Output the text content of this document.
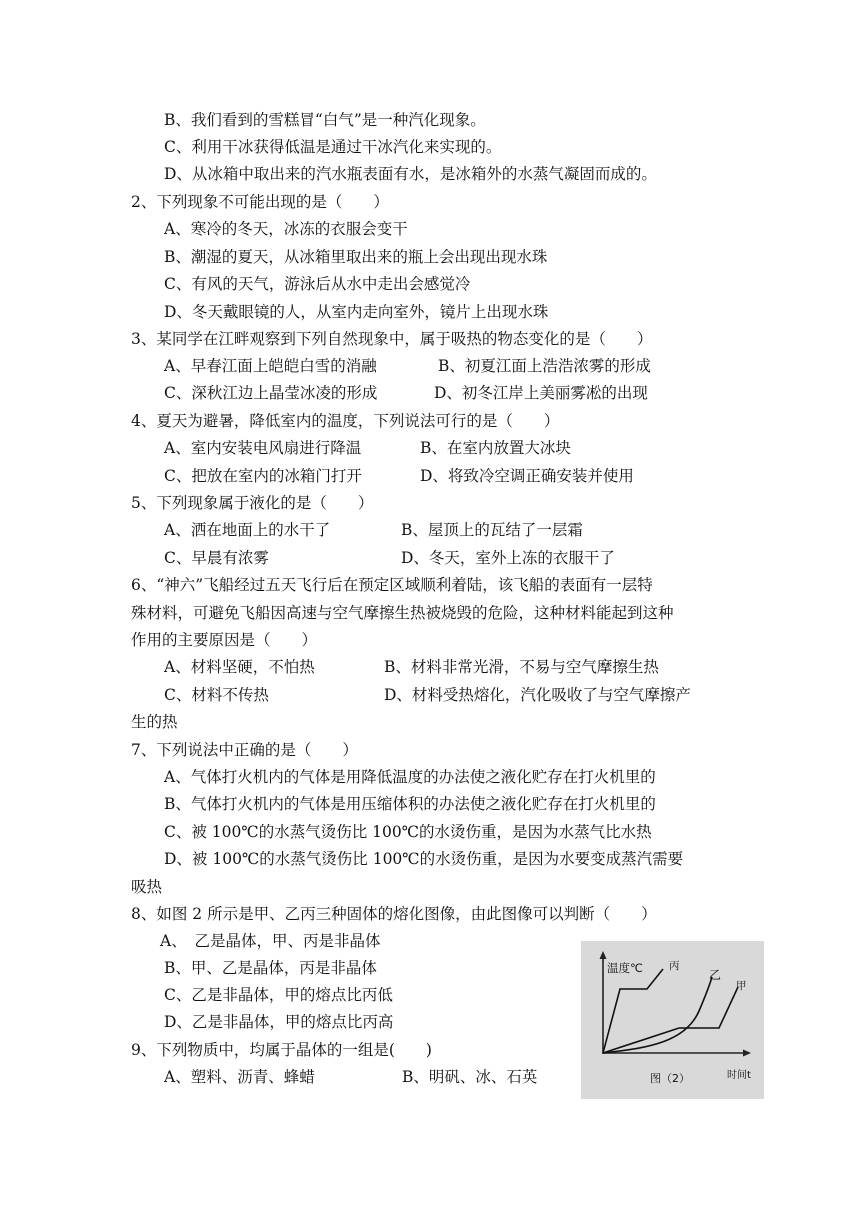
B、我们看到的雪糕冒“白气”是一种汽化现象。
C、利用干冰获得低温是通过干冰汽化来实现的。
D、从冰箱中取出来的汽水瓶表面有水，是冰箱外的水蒸气凝固而成的。
2、下列现象不可能出现的是（　　）
A、寒冷的冬天，冰冻的衣服会变干
B、潮湿的夏天，从冰箱里取出来的瓶上会出现出现水珠
C、有风的天气，游泳后从水中走出会感觉冷
D、冬天戴眼镜的人，从室内走向室外，镜片上出现水珠
3、某同学在江畔观察到下列自然现象中，属于吸热的物态变化的是（　　）
A、早春江面上皑皑白雪的消融	B、初夏江面上浩浩浓雾的形成
C、深秋江边上晶莹冰凌的形成	D、初冬江岸上美丽雾凇的出现
4、夏天为避暑，降低室内的温度，下列说法可行的是（　　）
A、室内安装电风扇进行降温	B、在室内放置大冰块
C、把放在室内的冰箱门打开	D、将致冷空调正确安装并使用
5、下列现象属于液化的是（　　）
A、洒在地面上的水干了	B、屋顶上的瓦结了一层霜
C、早晨有浓雾	D、冬天，室外上冻的衣服干了
6、“神六”飞船经过五天飞行后在预定区域顺利着陆，该飞船的表面有一层特
殊材料，可避免飞船因高速与空气摩擦生热被烧毁的危险，这种材料能起到这种
作用的主要原因是（　　）
A、材料坚硬，不怕热	B、材料非常光滑，不易与空气摩擦生热
C、材料不传热	D、材料受热熔化，汽化吸收了与空气摩擦产
生的热
7、下列说法中正确的是（　　）
A、气体打火机内的气体是用降低温度的办法使之液化贮存在打火机里的
B、气体打火机内的气体是用压缩体积的办法使之液化贮存在打火机里的
C、被 100℃的水蒸气烫伤比 100℃的水烫伤重，是因为水蒸气比水热
D、被 100℃的水蒸气烫伤比 100℃的水烫伤重，是因为水要变成蒸汽需要
吸热
8、如图 2 所示是甲、乙丙三种固体的熔化图像，由此图像可以判断（　　）
A、　乙是晶体，甲、丙是非晶体
B、甲、乙是晶体，丙是非晶体
C、乙是非晶体，甲的熔点比丙低
D、乙是非晶体，甲的熔点比丙高
9、下列物质中，均属于晶体的一组是(　　)
A、塑料、沥青、蜂蜡	B、明矾、冰、石英
温度℃ 丙
乙
甲
图（2）	时间t
